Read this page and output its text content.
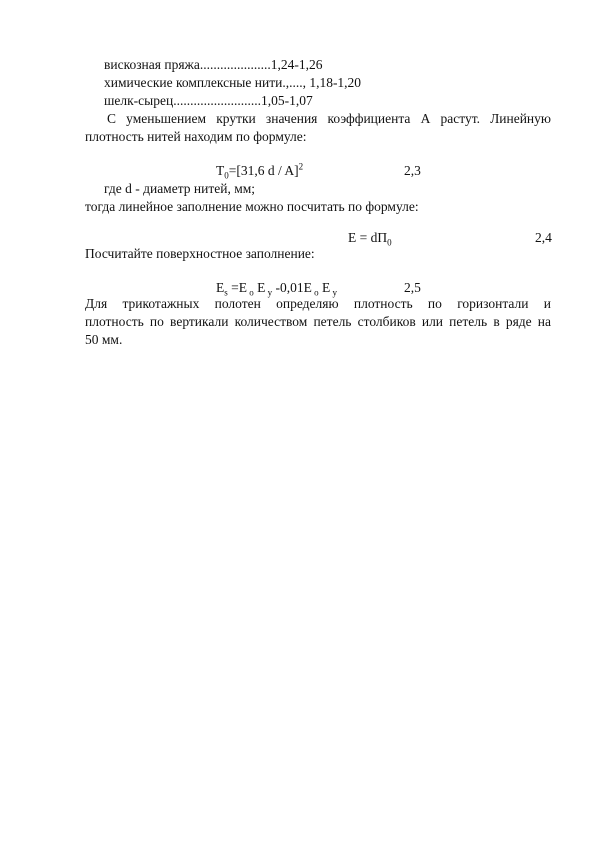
вискозная пряжа.....................1,24-1,26
химические комплексные нити.,...., 1,18-1,20
шелк-сырец..........................1,05-1,07
С уменьшением крутки значения коэффициента А растут. Линейную
плотность нитей находим по формуле:
$T_0=[31,6$ d / A]$^2$	2,3
где d - диаметр нитей, мм;
тогда линейное заполнение можно посчитать по формуле:
$E = dП_0$	2,4
Посчитайте поверхностное заполнение:
$E_s =E$ $_o$ E $_y$ -0,01E $_o$ E $_y$	2,5
Для трикотажных полотен определяю плотность по горизонтали и
плотность по вертикали количеством петель столбиков или петель в ряде на
50 мм.
